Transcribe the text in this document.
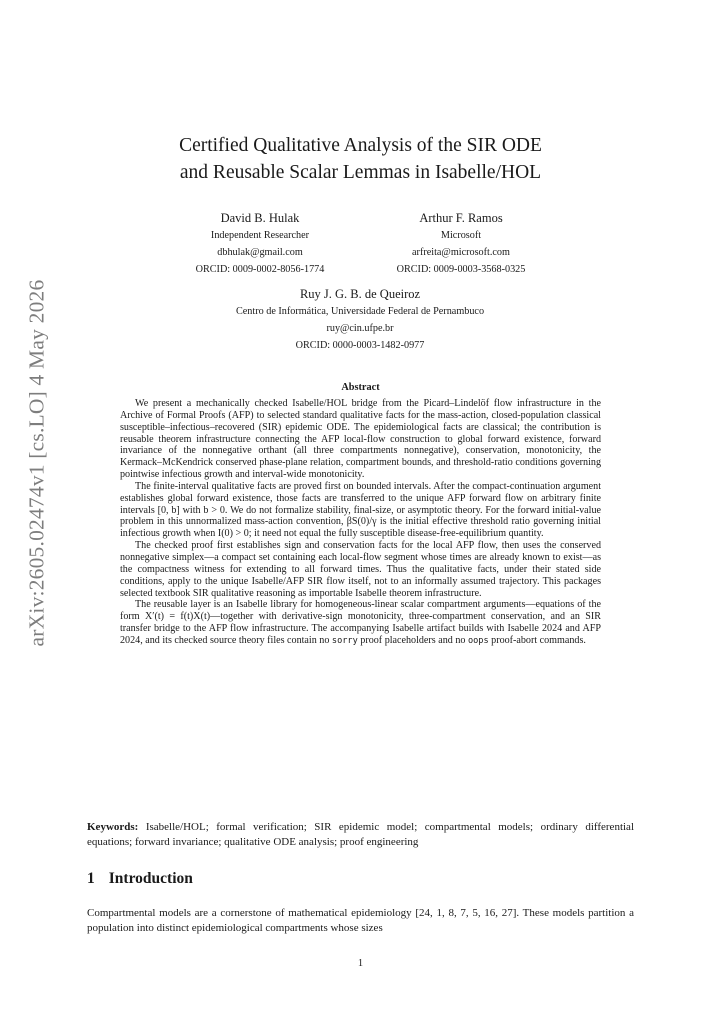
arXiv:2605.02474v1 [cs.LO] 4 May 2026
Certified Qualitative Analysis of the SIR ODE
and Reusable Scalar Lemmas in Isabelle/HOL
David B. Hulak
Independent Researcher
dbhulak@gmail.com
ORCID: 0009-0002-8056-1774
Arthur F. Ramos
Microsoft
arfreita@microsoft.com
ORCID: 0009-0003-3568-0325
Ruy J. G. B. de Queiroz
Centro de Informática, Universidade Federal de Pernambuco
ruy@cin.ufpe.br
ORCID: 0000-0003-1482-0977
Abstract

We present a mechanically checked Isabelle/HOL bridge from the Picard–Lindelöf flow infrastructure in the Archive of Formal Proofs (AFP) to selected standard qualitative facts for the mass-action, closed-population classical susceptible–infectious–recovered (SIR) epidemic ODE. The epidemiological facts are classical; the contribution is reusable theorem infrastructure connecting the AFP local-flow construction to global forward existence, forward invariance of the nonnegative orthant (all three compartments nonnegative), conservation, monotonicity, the Kermack–McKendrick conserved phase-plane relation, compartment bounds, and threshold-ratio conditions governing pointwise infectious growth and interval-wide monotonicity.

The finite-interval qualitative facts are proved first on bounded intervals. After the compact-continuation argument establishes global forward existence, those facts are transferred to the unique AFP forward flow on arbitrary finite intervals [0, b] with b > 0. We do not formalize stability, final-size, or asymptotic theory. For the forward initial-value problem in this unnormalized mass-action convention, βS(0)/γ is the initial effective threshold ratio governing initial infectious growth when I(0) > 0; it need not equal the fully susceptible disease-free-equilibrium quantity.

The checked proof first establishes sign and conservation facts for the local AFP flow, then uses the conserved nonnegative simplex—a compact set containing each local-flow segment whose times are already known to exist—as the compactness witness for extending to all forward times. Thus the qualitative facts, under their stated side conditions, apply to the unique Isabelle/AFP SIR flow itself, not to an informally assumed trajectory. This packages selected textbook SIR qualitative reasoning as importable Isabelle theorem infrastructure.

The reusable layer is an Isabelle library for homogeneous-linear scalar compartment arguments—equations of the form X′(t) = f(t)X(t)—together with derivative-sign monotonicity, three-compartment conservation, and an SIR transfer bridge to the AFP flow infrastructure. The accompanying Isabelle artifact builds with Isabelle 2024 and AFP 2024, and its checked source theory files contain no sorry proof placeholders and no oops proof-abort commands.

Keywords: Isabelle/HOL; formal verification; SIR epidemic model; compartmental models; ordinary differential equations; forward invariance; qualitative ODE analysis; proof engineering
1 Introduction
Compartmental models are a cornerstone of mathematical epidemiology [24, 1, 8, 7, 5, 16, 27]. These models partition a population into distinct epidemiological compartments whose sizes
1
